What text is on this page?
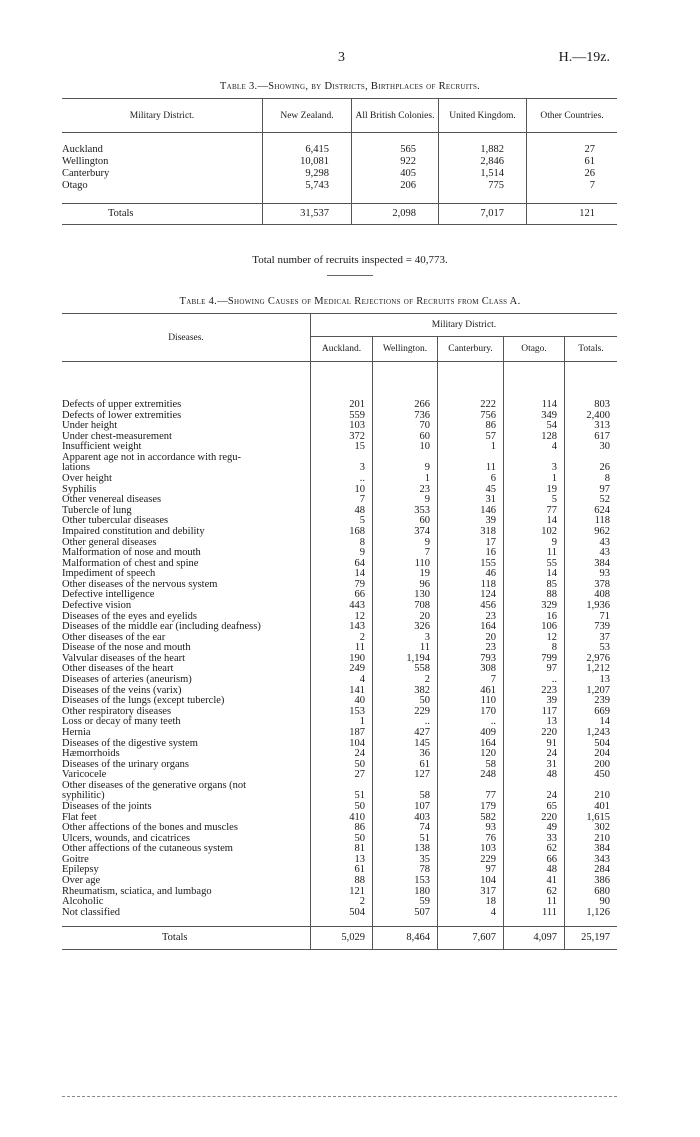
3	H.—19z.
Table 3.—Showing, by Districts, Birthplaces of Recruits.
Military District.	New Zealand.	All British Colonies.	United Kingdom.	Other Countries.

Auckland	6,415	565	1,882	27
Wellington	10,081	922	2,846	61
Canterbury	9,298	405	1,514	26
Otago	5,743	206	775	7

Totals	31,537	2,098	7,017	121
Total number of recruits inspected = 40,773.
Table 4.—Showing Causes of Medical Rejections of Recruits from Class A.
Diseases.	Military District.				
	Auckland.	Wellington.	Canterbury.	Otago.	Totals.

Defects of upper extremities	201	266	222	114	803
Defects of lower extremities	559	736	756	349	2,400
Under height	103	70	86	54	313
Under chest-measurement	372	60	57	128	617
Insufficient weight	15	10	1	4	30
Apparent age not in accordance with regu-
lations	3	9	11	3	26
Over height	..	1	6	1	8
Syphilis	10	23	45	19	97
Other venereal diseases	7	9	31	5	52
Tubercle of lung	48	353	146	77	624
Other tubercular diseases	5	60	39	14	118
Impaired constitution and debility	168	374	318	102	962
Other general diseases	8	9	17	9	43
Malformation of nose and mouth	9	7	16	11	43
Malformation of chest and spine	64	110	155	55	384
Impediment of speech	14	19	46	14	93
Other diseases of the nervous system	79	96	118	85	378
Defective intelligence	66	130	124	88	408
Defective vision	443	708	456	329	1,936
Diseases of the eyes and eyelids	12	20	23	16	71
Diseases of the middle ear (including deafness)	143	326	164	106	739
Other diseases of the ear	2	3	20	12	37
Disease of the nose and mouth	11	11	23	8	53
Valvular diseases of the heart	190	1,194	793	799	2,976
Other diseases of the heart	249	558	308	97	1,212
Diseases of arteries (aneurism)	4	2	7	..	13
Diseases of the veins (varix)	141	382	461	223	1,207
Diseases of the lungs (except tubercle)	40	50	110	39	239
Other respiratory diseases	153	229	170	117	669
Loss or decay of many teeth	1	..	..	13	14
Hernia	187	427	409	220	1,243
Diseases of the digestive system	104	145	164	91	504
Hæmorrhoids	24	36	120	24	204
Diseases of the urinary organs	50	61	58	31	200
Varicocele	27	127	248	48	450
Other diseases of the generative organs (not
syphilitic)	51	58	77	24	210
Diseases of the joints	50	107	179	65	401
Flat feet	410	403	582	220	1,615
Other affections of the bones and muscles	86	74	93	49	302
Ulcers, wounds, and cicatrices	50	51	76	33	210
Other affections of the cutaneous system	81	138	103	62	384
Goitre	13	35	229	66	343
Epilepsy	61	78	97	48	284
Over age	88	153	104	41	386
Rheumatism, sciatica, and lumbago	121	180	317	62	680
Alcoholic	2	59	18	11	90
Not classified	504	507	4	111	1,126

Totals	5,029	8,464	7,607	4,097	25,197
